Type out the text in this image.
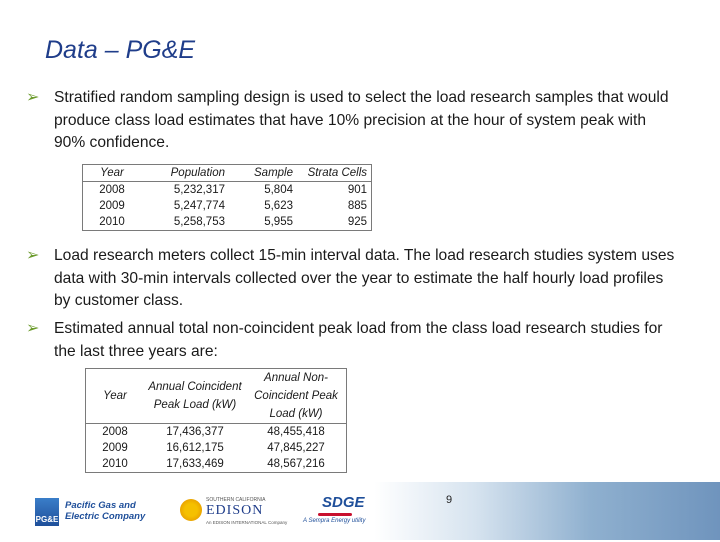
Data – PG&E
➢ Stratified random sampling design is used to select the load research samples that would produce class load estimates that have 10% precision at the hour of system peak with 90% confidence.
Year	Population	Sample	Strata Cells
2008	5,232,317	5,804	901
2009	5,247,774	5,623	885
2010	5,258,753	5,955	925
➢ Load research meters collect 15-min interval data. The load research studies system uses data with 30-min intervals collected over the year to estimate the half hourly load profiles by customer class.
➢ Estimated annual total non-coincident peak load from the class load research studies for the last three years are:
Year	Annual Coincident Peak Load (kW)	Annual Non-Coincident Peak Load (kW)
2008	17,436,377	48,455,418
2009	16,612,175	47,845,227
2010	17,633,469	48,567,216
PG&E
Pacific Gas and Electric Company
SOUTHERN CALIFORNIA
EDISON
An EDISON INTERNATIONAL Company
SDGE
A Sempra Energy utility
9
